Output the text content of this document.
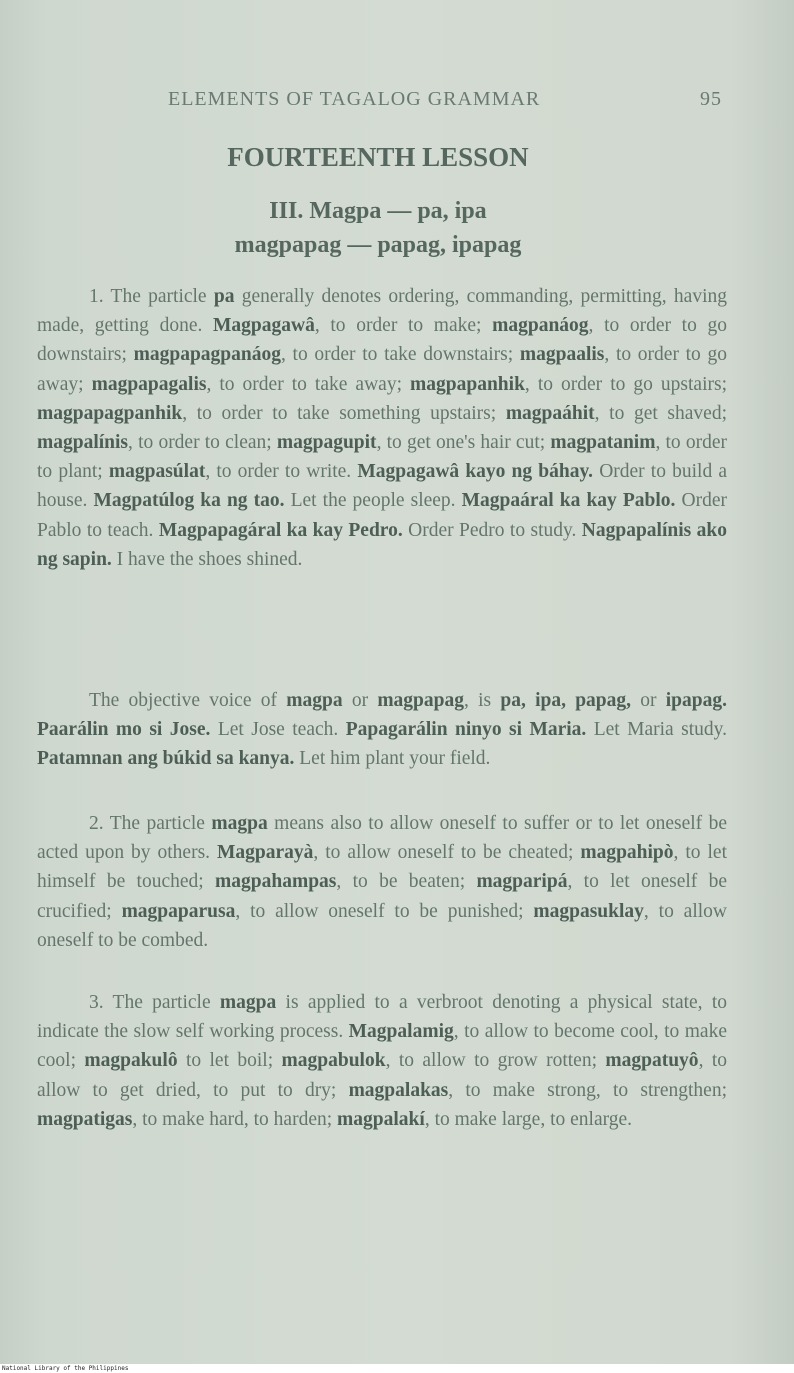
ELEMENTS OF TAGALOG GRAMMAR	95
FOURTEENTH LESSON
III. Magpa — pa, ipa
magpapag — papag, ipapag

1. The particle pa generally denotes ordering, commanding, permitting, having made, getting done. Magpagawâ, to order to make; magpanáog, to order to go downstairs; magpapagpanáog, to order to take downstairs; magpaalis, to order to go away; magpapagalis, to order to take away; magpapanhik, to order to go upstairs; magpapagpanhik, to order to take something upstairs; magpaáhit, to get shaved; magpalínis, to order to clean; magpagupit, to get one's hair cut; magpatanim, to order to plant; magpasúlat, to order to write. Magpagawâ kayo ng báhay. Order to build a house. Magpatúlog ka ng tao. Let the people sleep. Magpaáral ka kay Pablo. Order Pablo to teach. Magpapagáral ka kay Pedro. Order Pedro to study. Nagpapalínis ako ng sapin. I have the shoes shined.

The objective voice of magpa or magpapag, is pa, ipa, papag, or ipapag. Paarálin mo si Jose. Let Jose teach. Papagarálin ninyo si Maria. Let Maria study. Patamnan ang búkid sa kanya. Let him plant your field.

2. The particle magpa means also to allow oneself to suffer or to let oneself be acted upon by others. Magparayà, to allow oneself to be cheated; magpahipò, to let himself be touched; magpahampas, to be beaten; magparipá, to let oneself be crucified; magpaparusa, to allow oneself to be punished; magpasuklay, to allow oneself to be combed.

3. The particle magpa is applied to a verbroot denoting a physical state, to indicate the slow self working process. Magpalamig, to allow to become cool, to make cool; magpakulô to let boil; magpabulok, to allow to grow rotten; magpatuyô, to allow to get dried, to put to dry; magpalakas, to make strong, to strengthen; magpatigas, to make hard, to harden; magpalakí, to make large, to enlarge.

National Library of the Philippines
